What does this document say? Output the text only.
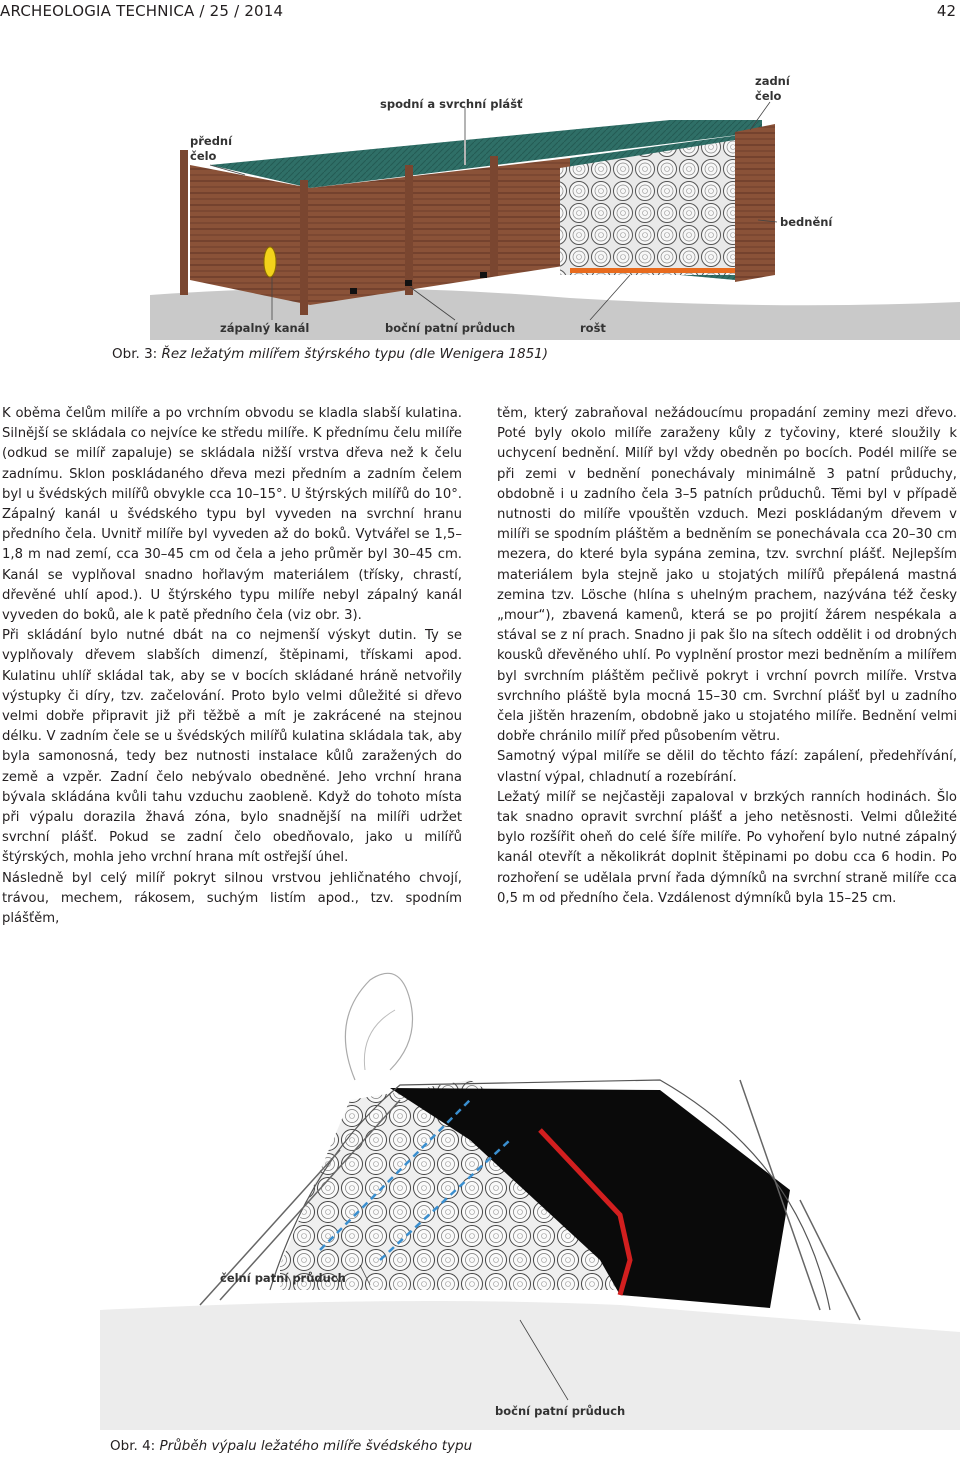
ARCHEOLOGIA TECHNICA / 25 / 2014	42
přední
čelo
spodní a svrchní plášť
zadní
čelo
bednění
zápalný kanál	boční patní průduch	rošt
Obr. 3: Řez ležatým milířem štýrského typu (dle Wenigera 1851)

K oběma čelům milíře a po vrchním obvodu se kladla slabší kulatina. Silnější se skládala co nejvíce ke středu milíře. K přednímu čelu milíře (odkud se milíř zapaluje) se skládala nižší vrstva dřeva než k čelu zadnímu. Sklon poskládaného dřeva mezi předním a zadním čelem byl u švédských milířů obvykle cca 10–15°. U štýrských milířů do 10°. Zápalný kanál u švédského typu byl vyveden na svrchní hranu předního čela. Uvnitř milíře byl vyveden až do boků. Vytvářel se 1,5–1,8 m nad zemí, cca 30–45 cm od čela a jeho průměr byl 30–45 cm. Kanál se vyplňoval snadno hořlavým materiálem (třísky, chrastí, dřevěné uhlí apod.). U štýrského typu milíře nebyl zápalný kanál vyveden do boků, ale k patě předního čela (viz obr. 3).

Při skládání bylo nutné dbát na co nejmenší výskyt dutin. Ty se vyplňovaly dřevem slabších dimenzí, štěpinami, třískami apod. Kulatinu uhlíř skládal tak, aby se v bocích skládané hráně netvořily výstupky či díry, tzv. začelování. Proto bylo velmi důležité si dřevo velmi dobře připravit již při těžbě a mít je zakrácené na stejnou délku. V zadním čele se u švédských milířů kulatina skládala tak, aby byla samonosná, tedy bez nutnosti instalace kůlů zaražených do země a vzpěr. Zadní čelo nebývalo obedněné. Jeho vrchní hrana bývala skládána kvůli tahu vzduchu zaobleně. Když do tohoto místa při výpalu dorazila žhavá zóna, bylo snadnější na milíři udržet svrchní plášť. Pokud se zadní čelo obedňovalo, jako u milířů štýrských, mohla jeho vrchní hrana mít ostřejší úhel.

Následně byl celý milíř pokryt silnou vrstvou jehličnatého chvojí, trávou, mechem, rákosem, suchým listím apod., tzv. spodním plášťěm,

těm, který zabraňoval nežádoucímu propadání zeminy mezi dřevo. Poté byly okolo milíře zaraženy kůly z tyčoviny, které sloužily k uchycení bednění. Milíř byl vždy obedněn po bocích. Podél milíře se při zemi v bednění ponechávaly minimálně 3 patní průduchy, obdobně i u zadního čela 3–5 patních průduchů. Těmi byl v případě nutnosti do milíře vpouštěn vzduch. Mezi poskládaným dřevem v milíři se spodním pláštěm a bedněním se ponechávala cca 20–30 cm mezera, do které byla sypána zemina, tzv. svrchní plášť. Nejlepším materiálem byla stejně jako u stojatých milířů přepálená mastná zemina tzv. Lösche (hlína s uhelným prachem, nazývána též česky „mour“), zbavená kamenů, která se po projití žárem nespékala a stával se z ní prach. Snadno ji pak šlo na sítech oddělit i od drobných kousků dřevěného uhlí. Po vyplnění prostor mezi bedněním a milířem byl svrchním pláštěm pečlivě pokryt i vrchní povrch milíře. Vrstva svrchního pláště byla mocná 15–30 cm. Svrchní plášť byl u zadního čela jištěn hrazením, obdobně jako u stojatého milíře. Bednění velmi dobře chránilo milíř před působením větru.

Samotný výpal milíře se dělil do těchto fází: zapálení, předehřívání, vlastní výpal, chladnutí a rozebírání.

Ležatý milíř se nejčastěji zapaloval v brzkých ranních hodinách. Šlo tak snadno opravit svrchní plášť a jeho netěsnosti. Velmi důležité bylo rozšířit oheň do celé šíře milíře. Po vyhoření bylo nutné zápalný kanál otevřít a několikrát doplnit štěpinami po dobu cca 6 hodin. Po rozhoření se udělala první řada dýmníků na svrchní straně milíře cca 0,5 m od předního čela. Vzdálenost dýmníků byla 15–25 cm.

čelní patní průduch
boční patní průduch
Obr. 4: Průběh výpalu ležatého milíře švédského typu
